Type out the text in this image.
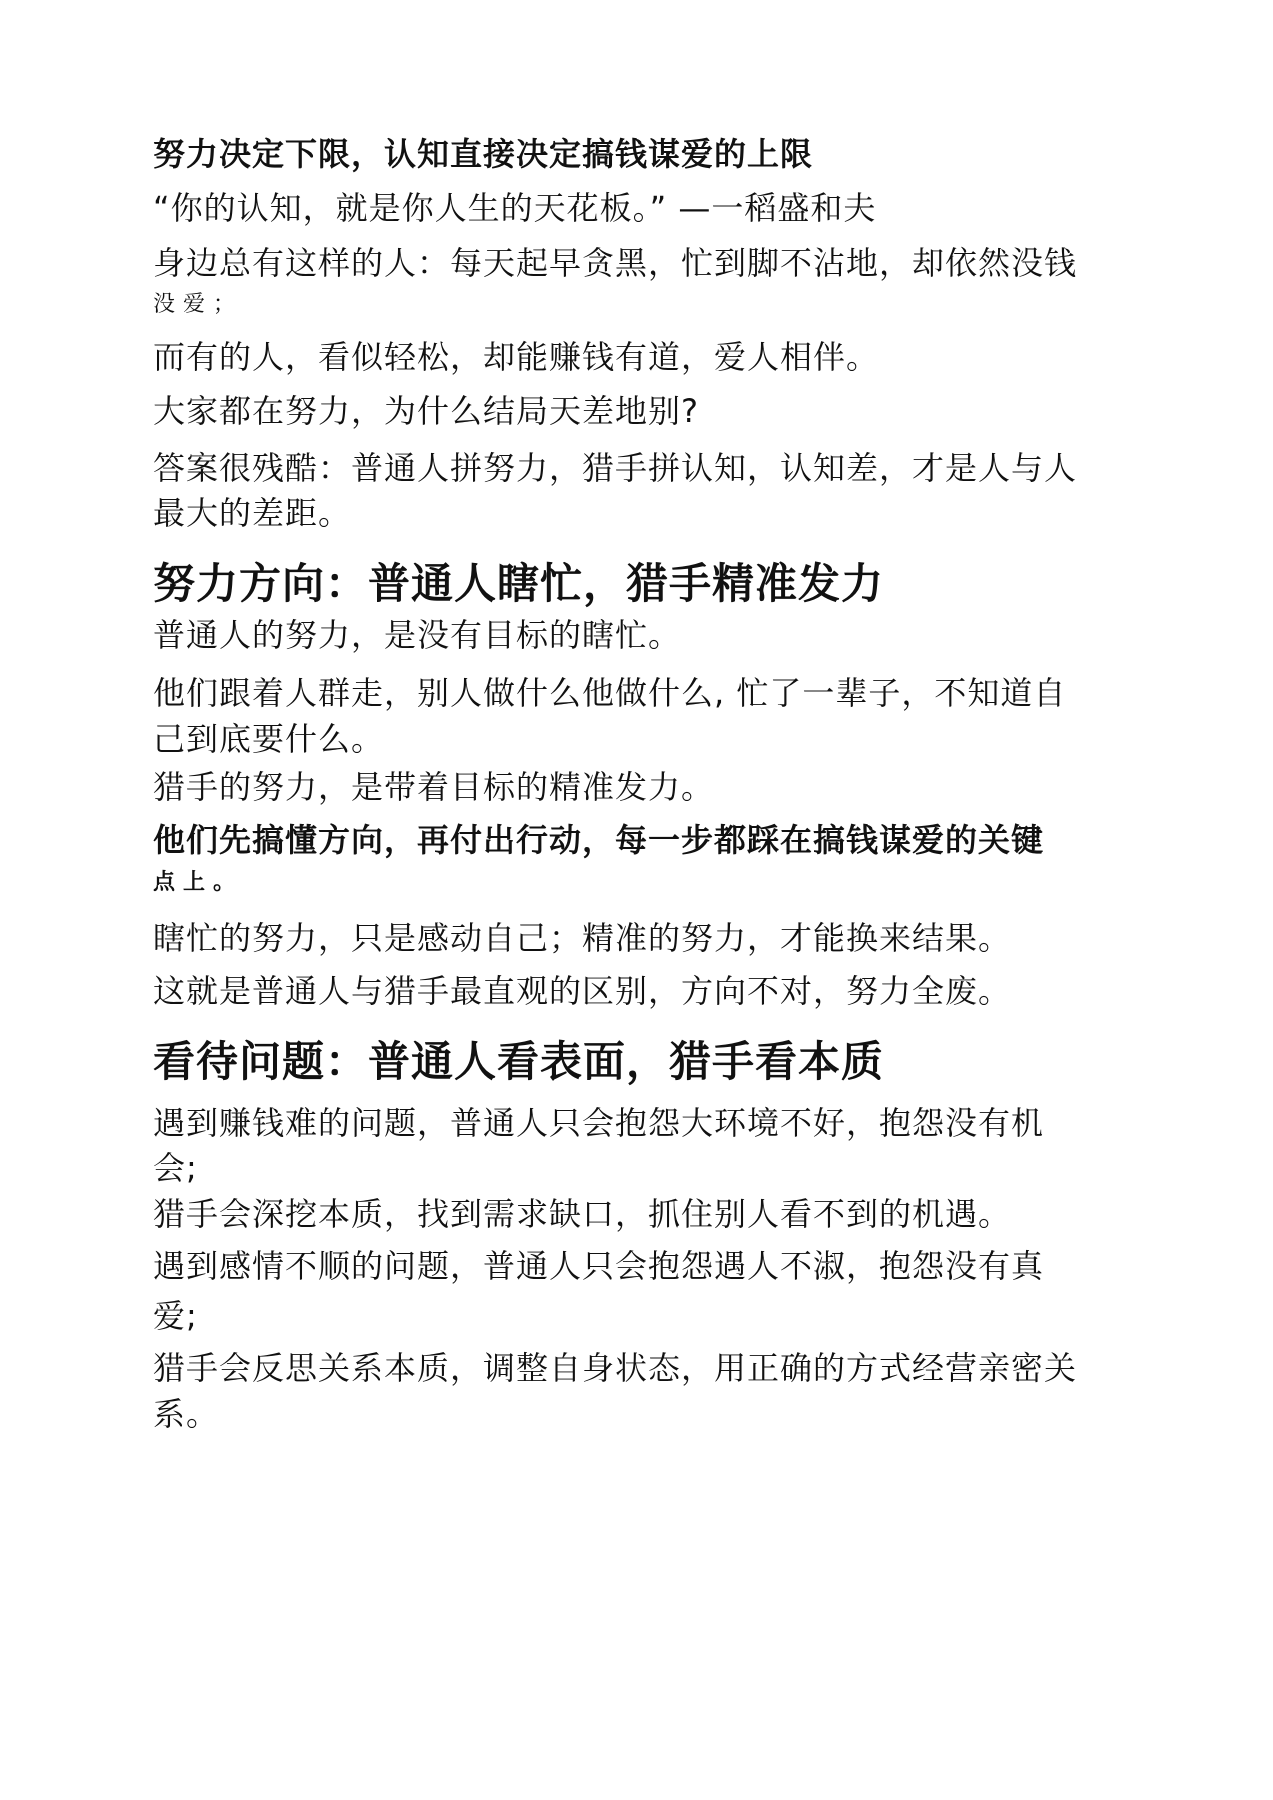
努力决定下限，认知直接决定搞钱谋爱的上限

“你的认知，就是你人生的天花板。” —一稻盛和夫

身边总有这样的人：每天起早贪黑，忙到脚不沾地，却依然没钱

没爱；

而有的人，看似轻松，却能赚钱有道，爱人相伴。

大家都在努力，为什么结局天差地别?

答案很残酷：普通人拼努力，猎手拼认知，认知差，才是人与人

最大的差距。

努力方向：普通人瞎忙，猎手精准发力

普通人的努力，是没有目标的瞎忙。

他们跟着人群走，别人做什么他做什么, 忙了一辈子，不知道自

己到底要什么。

猎手的努力，是带着目标的精准发力。

他们先搞懂方向，再付出行动，每一步都踩在搞钱谋爱的关键

点上。

瞎忙的努力，只是感动自己；精准的努力，才能换来结果。

这就是普通人与猎手最直观的区别，方向不对，努力全废。

看待问题：普通人看表面，猎手看本质

遇到赚钱难的问题，普通人只会抱怨大环境不好，抱怨没有机

会;

猎手会深挖本质，找到需求缺口，抓住别人看不到的机遇。

遇到感情不顺的问题，普通人只会抱怨遇人不淑，抱怨没有真

爱;

猎手会反思关系本质，调整自身状态，用正确的方式经营亲密关

系。
